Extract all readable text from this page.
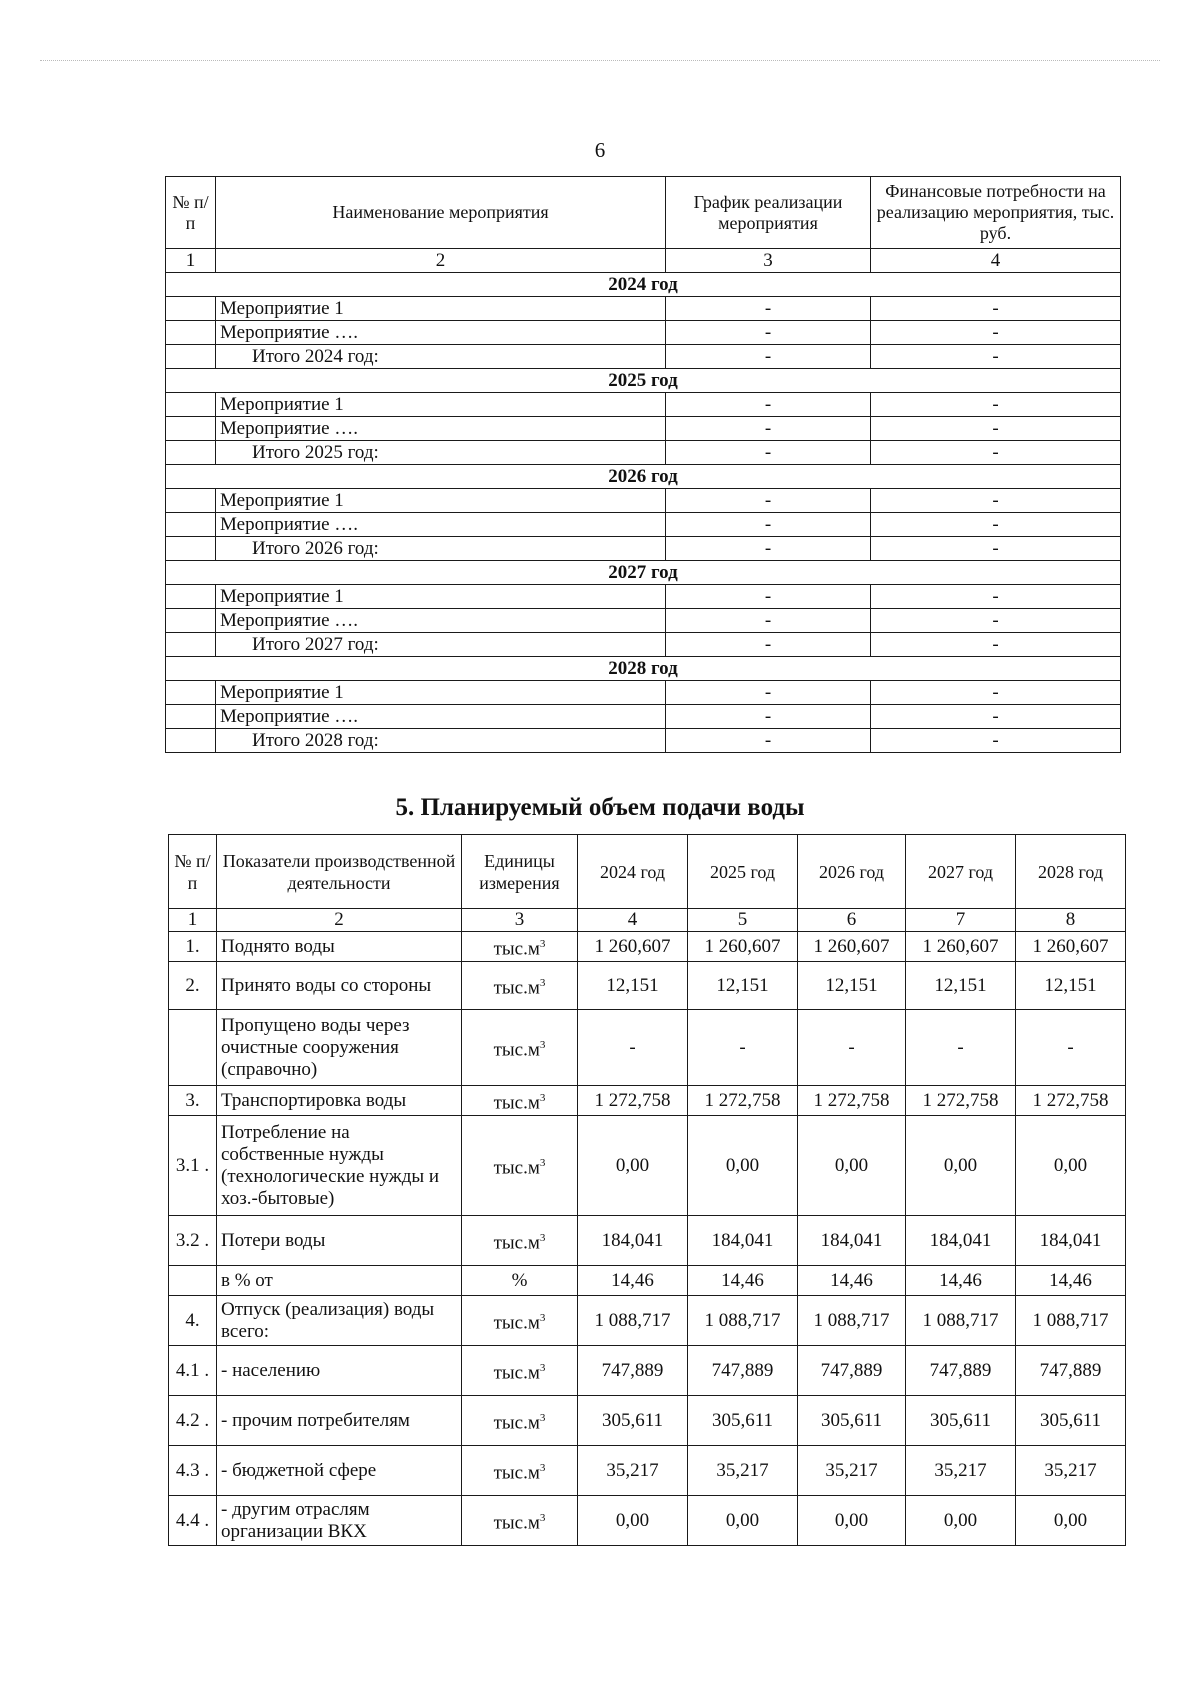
6
№ п/п	Наименование мероприятия	График реализации мероприятия	Финансовые потребности на реализацию мероприятия, тыс. руб.
1	2	3	4
2024 год			
	Мероприятие 1	-	-
	Мероприятие ….	-	-
	Итого 2024 год:	-	-
2025 год			
	Мероприятие 1	-	-
	Мероприятие ….	-	-
	Итого 2025 год:	-	-
2026 год			
	Мероприятие 1	-	-
	Мероприятие ….	-	-
	Итого 2026 год:	-	-
2027 год			
	Мероприятие 1	-	-
	Мероприятие ….	-	-
	Итого 2027 год:	-	-
2028 год			
	Мероприятие 1	-	-
	Мероприятие ….	-	-
	Итого 2028 год:	-	-
5. Планируемый объем подачи воды
№ п/п	Показатели производственной деятельности	Единицы измерения	2024 год	2025 год	2026 год	2027 год	2028 год
1	2	3	4	5	6	7	8
1.	Поднято воды	$тыс.м^3$	1 260,607	1 260,607	1 260,607	1 260,607	1 260,607
2.	Принято воды со стороны	$тыс.м^3$	12,151	12,151	12,151	12,151	12,151
	Пропущено воды через очистные сооружения (справочно)	$тыс.м^3$	-	-	-	-	-
3.	Транспортировка воды	$тыс.м^3$	1 272,758	1 272,758	1 272,758	1 272,758	1 272,758
3.1 .	Потребление на собственные нужды (технологические нужды и хоз.-бытовые)	$тыс.м^3$	0,00	0,00	0,00	0,00	0,00
3.2 .	Потери воды	$тыс.м^3$	184,041	184,041	184,041	184,041	184,041
	в % от	%	14,46	14,46	14,46	14,46	14,46
4.	Отпуск (реализация) воды всего:	$тыс.м^3$	1 088,717	1 088,717	1 088,717	1 088,717	1 088,717
4.1 .	- населению	$тыс.м^3$	747,889	747,889	747,889	747,889	747,889
4.2 .	- прочим потребителям	$тыс.м^3$	305,611	305,611	305,611	305,611	305,611
4.3 .	- бюджетной сфере	$тыс.м^3$	35,217	35,217	35,217	35,217	35,217
4.4 .	- другим отраслям организации ВКХ	$тыс.м^3$	0,00	0,00	0,00	0,00	0,00
